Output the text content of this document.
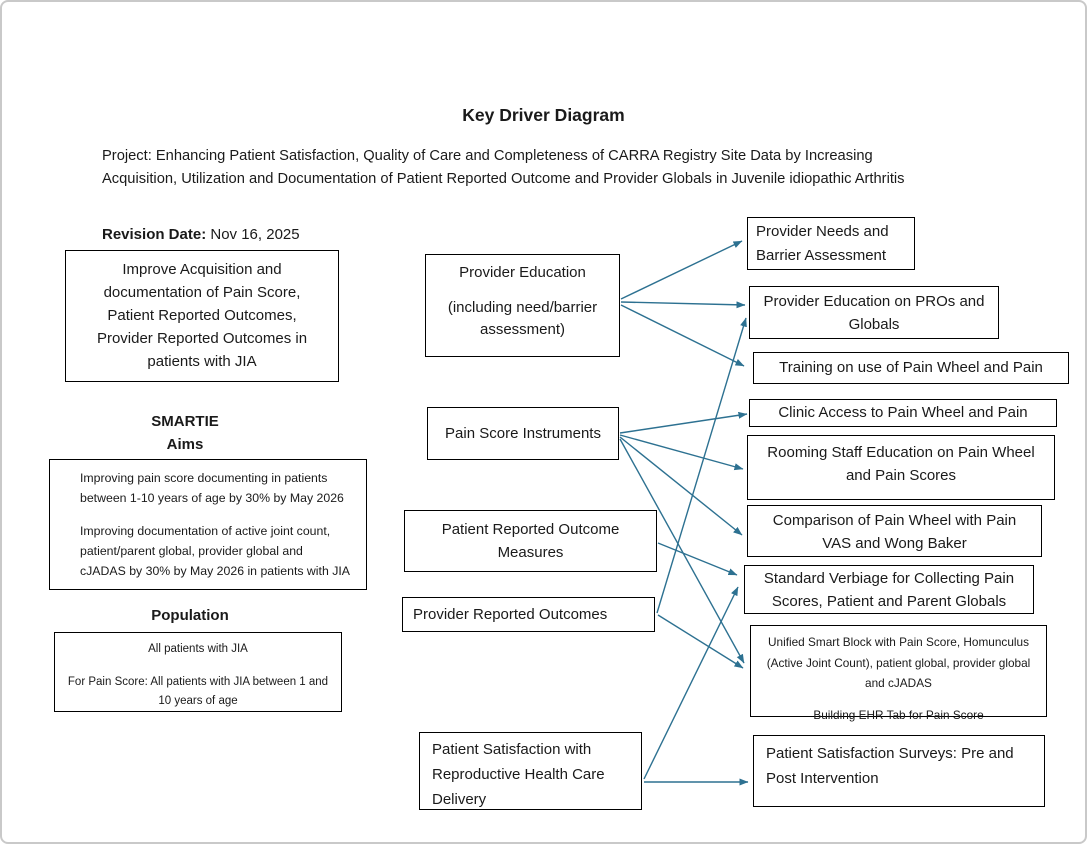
Key Driver Diagram
Project: Enhancing Patient Satisfaction, Quality of Care and Completeness of CARRA Registry Site Data by Increasing
Acquisition, Utilization and Documentation of Patient Reported Outcome and Provider Globals in Juvenile idiopathic Arthritis
Revision Date: Nov 16, 2025
Improve Acquisition and documentation of Pain Score, Patient Reported Outcomes, Provider Reported Outcomes in patients with JIA
SMARTIE
Aims

Improving pain score documenting in patients between 1-10 years of age by 30% by May 2026

Improving documentation of active joint count, patient/parent global, provider global and cJADAS by 30% by May 2026 in patients with JIA

Population

All patients with JIA

For Pain Score: All patients with JIA between 1 and 10 years of age

Provider Education

(including need/barrier assessment)

Pain Score Instruments
Patient Reported Outcome Measures
Provider Reported Outcomes
Patient Satisfaction with Reproductive Health Care Delivery
Provider Needs and Barrier Assessment
Provider Education on PROs and Globals
Training on use of Pain Wheel and Pain
Clinic Access to Pain Wheel and Pain
Rooming Staff Education on Pain Wheel and Pain Scores
Comparison of Pain Wheel with Pain VAS and Wong Baker
Standard Verbiage for Collecting Pain Scores, Patient and Parent Globals

Unified Smart Block with Pain Score, Homunculus (Active Joint Count), patient global, provider global and cJADAS

Building EHR Tab for Pain Score

Patient Satisfaction Surveys: Pre and Post Intervention
